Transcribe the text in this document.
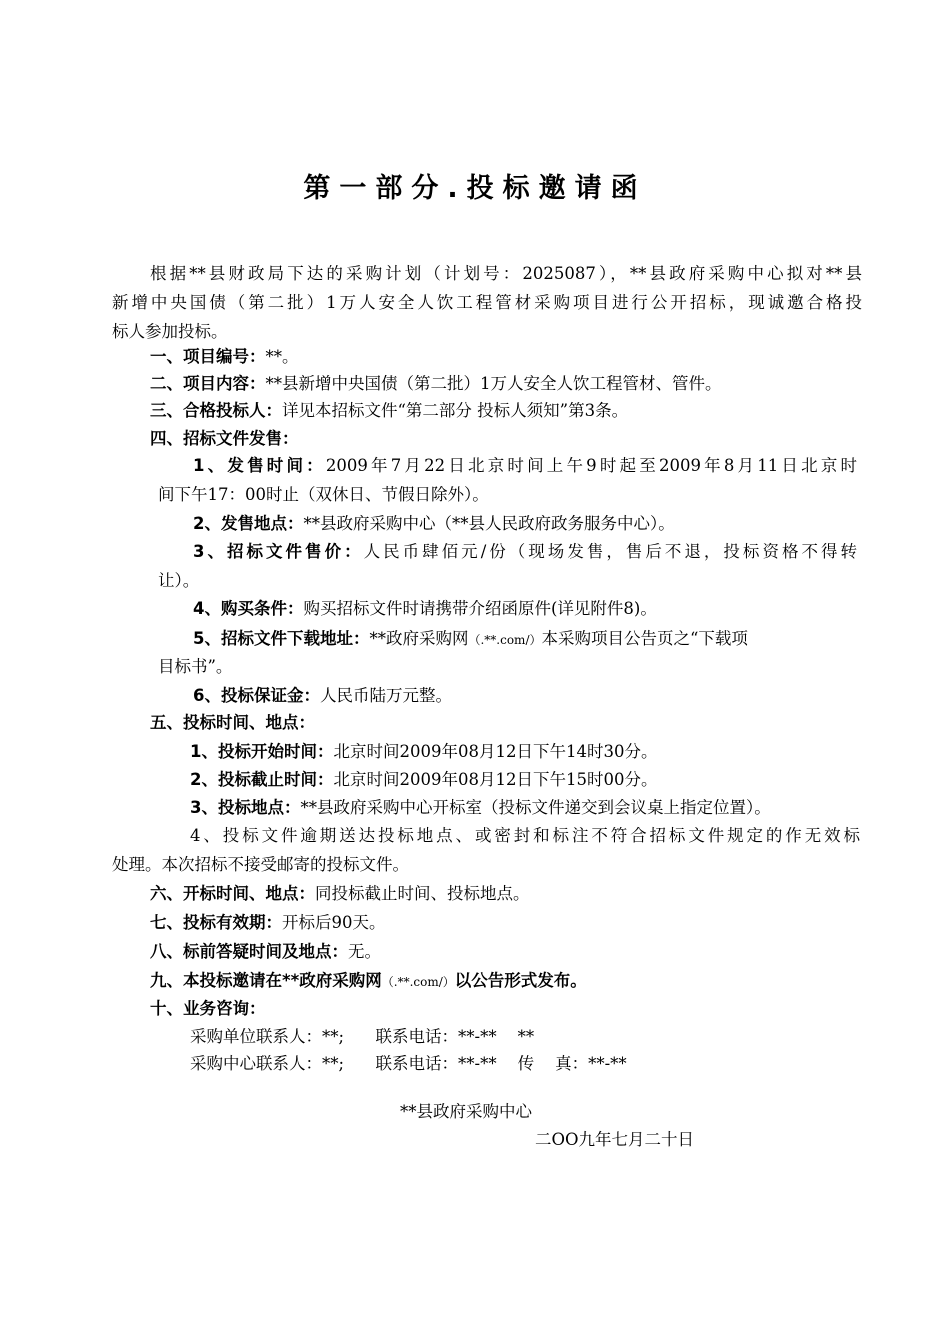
第一部分.投标邀请函
根据**县财政局下达的采购计划（计划号：2025087），**县政府采购中心拟对**县
新增中央国债（第二批）1万人安全人饮工程管材采购项目进行公开招标，现诚邀合格投
标人参加投标。
一、项目编号：**。
二、项目内容：**县新增中央国债（第二批）1万人安全人饮工程管材、管件。
三、合格投标人：详见本招标文件“第二部分 投标人须知”第3条。
四、招标文件发售：
1、发售时间：2009年7月22日北京时间上午9时起至2009年8月11日北京时
间下午17：00时止（双休日、节假日除外）。
2、发售地点：**县政府采购中心（**县人民政府政务服务中心）。
3、招标文件售价：人民币肆佰元/份（现场发售，售后不退，投标资格不得转
让）。
4、购买条件：购买招标文件时请携带介绍函原件(详见附件8)。
5、招标文件下载地址：**政府采购网（.**.com/）本采购项目公告页之“下载项
目标书”。
6、投标保证金：人民币陆万元整。
五、投标时间、地点：
1、投标开始时间：北京时间2009年08月12日下午14时30分。
2、投标截止时间：北京时间2009年08月12日下午15时00分。
3、投标地点：**县政府采购中心开标室（投标文件递交到会议桌上指定位置）。
4、投标文件逾期送达投标地点、或密封和标注不符合招标文件规定的作无效标
处理。本次招标不接受邮寄的投标文件。
六、开标时间、地点：同投标截止时间、投标地点。
七、投标有效期：开标后90天。
八、标前答疑时间及地点：无。
九、本投标邀请在**政府采购网（.**.com/）以公告形式发布。
十、业务咨询：
采购单位联系人：**;      联系电话：**-**    **
采购中心联系人：**;      联系电话：**-**    传    真：**-**
**县政府采购中心
二OO九年七月二十日
